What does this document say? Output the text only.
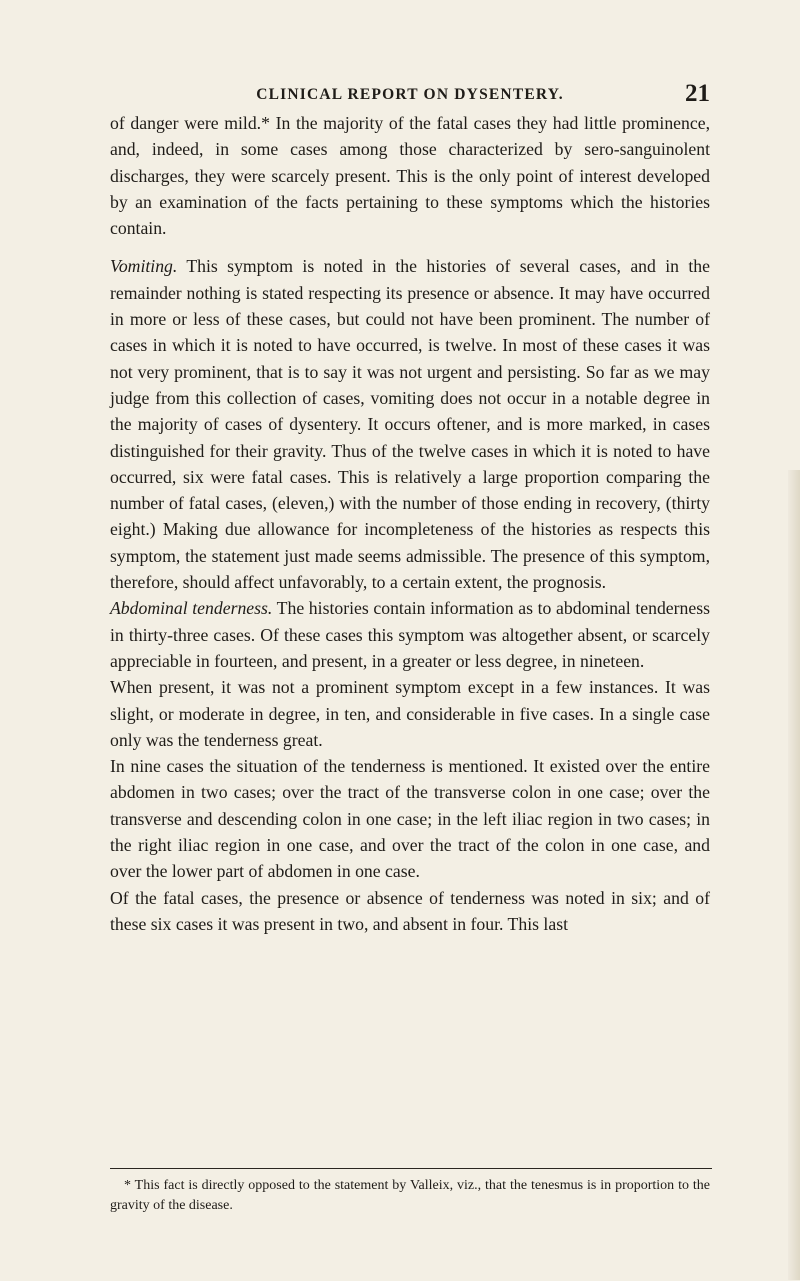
CLINICAL REPORT ON DYSENTERY.	21

of danger were mild.* In the majority of the fatal cases they had little prominence, and, indeed, in some cases among those characterized by sero-sanguinolent discharges, they were scarcely present. This is the only point of interest developed by an examination of the facts pertaining to these symptoms which the histories contain.

Vomiting. This symptom is noted in the histories of several cases, and in the remainder nothing is stated respecting its presence or absence. It may have occurred in more or less of these cases, but could not have been prominent. The number of cases in which it is noted to have occurred, is twelve. In most of these cases it was not very prominent, that is to say it was not urgent and persisting. So far as we may judge from this collection of cases, vomiting does not occur in a notable degree in the majority of cases of dysentery. It occurs oftener, and is more marked, in cases distinguished for their gravity. Thus of the twelve cases in which it is noted to have occurred, six were fatal cases. This is relatively a large proportion comparing the number of fatal cases, (eleven,) with the number of those ending in recovery, (thirty eight.) Making due allowance for incompleteness of the histories as respects this symptom, the statement just made seems admissible. The presence of this symptom, therefore, should affect unfavorably, to a certain extent, the prognosis.

Abdominal tenderness. The histories contain information as to abdominal tenderness in thirty-three cases. Of these cases this symptom was altogether absent, or scarcely appreciable in fourteen, and present, in a greater or less degree, in nineteen.

When present, it was not a prominent symptom except in a few instances. It was slight, or moderate in degree, in ten, and considerable in five cases. In a single case only was the tenderness great.

In nine cases the situation of the tenderness is mentioned. It existed over the entire abdomen in two cases; over the tract of the transverse colon in one case; over the transverse and descending colon in one case; in the left iliac region in two cases; in the right iliac region in one case, and over the tract of the colon in one case, and over the lower part of abdomen in one case.

Of the fatal cases, the presence or absence of tenderness was noted in six; and of these six cases it was present in two, and absent in four. This last

* This fact is directly opposed to the statement by Valleix, viz., that the tenesmus is in proportion to the gravity of the disease.
